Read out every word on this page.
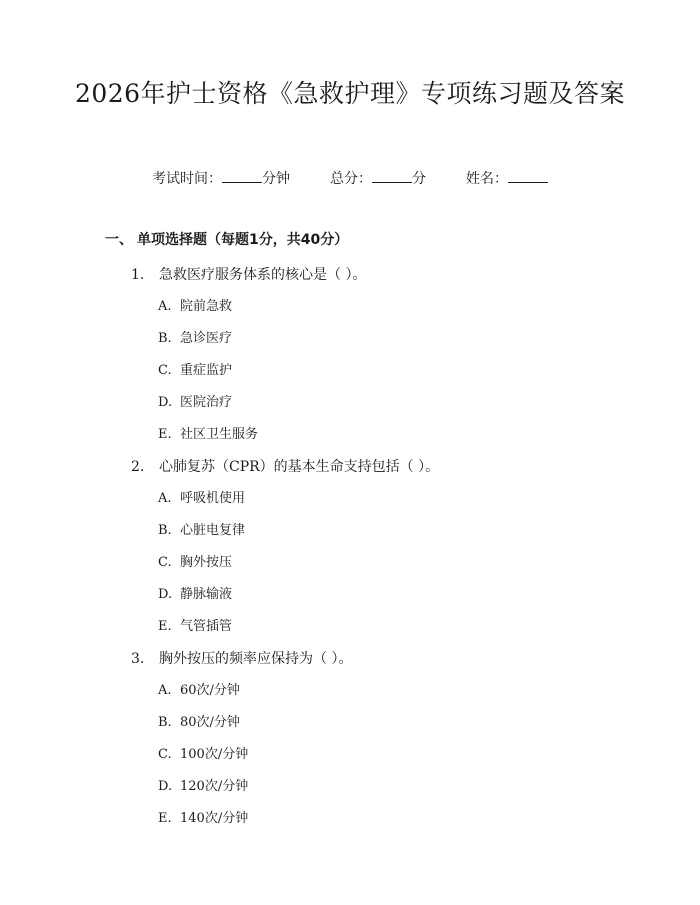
2026年护士资格《急救护理》专项练习题及答案
考试时间：	分钟	总分：	分	姓名：
一、 单项选择题（每题1分，共40分）
1. 急救医疗服务体系的核心是（ ）。
A. 院前急救
B. 急诊医疗
C. 重症监护
D. 医院治疗
E. 社区卫生服务
2. 心肺复苏（CPR）的基本生命支持包括（ ）。
A. 呼吸机使用
B. 心脏电复律
C. 胸外按压
D. 静脉输液
E. 气管插管
3. 胸外按压的频率应保持为（ ）。
A. 60次/分钟
B. 80次/分钟
C. 100次/分钟
D. 120次/分钟
E. 140次/分钟
